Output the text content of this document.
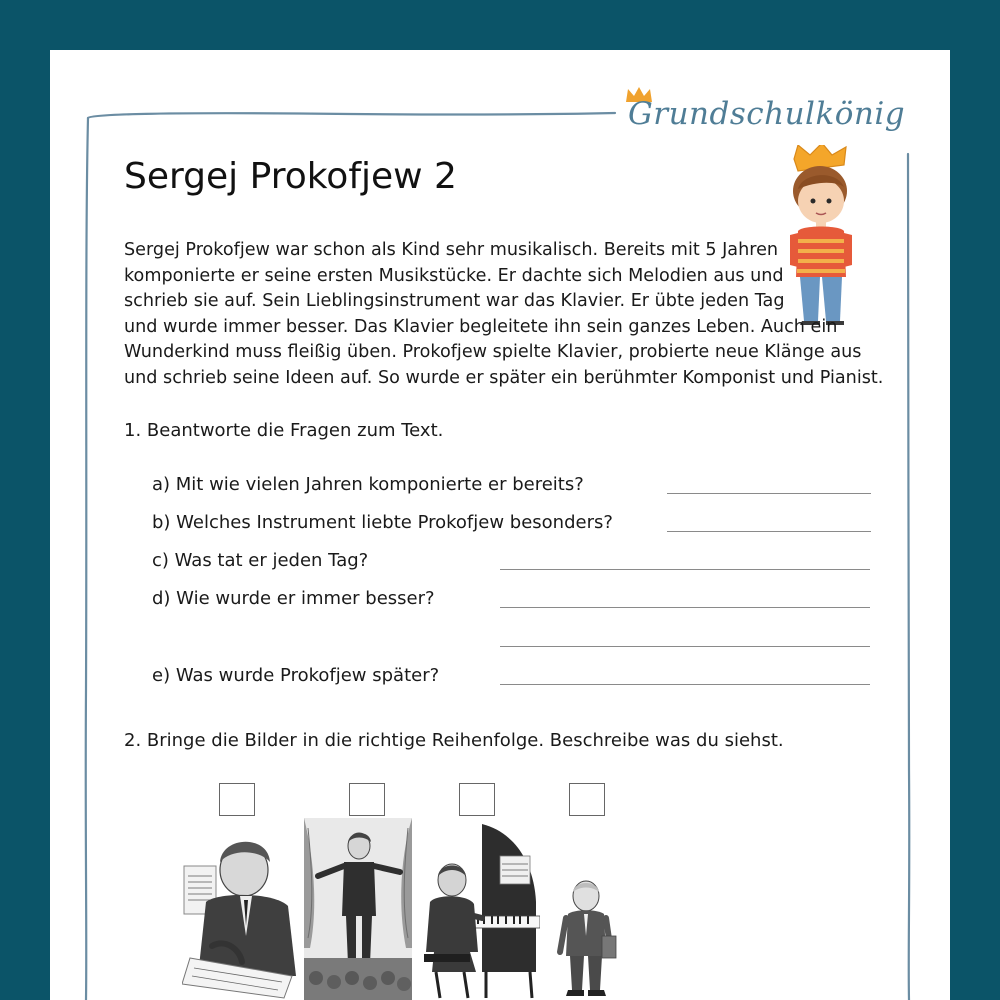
Grundschulkönig
Sergej Prokofjew 2
Sergej Prokofjew war schon als Kind sehr musikalisch. Bereits mit 5 Jahren
komponierte er seine ersten Musikstücke. Er dachte sich Melodien aus und
schrieb sie auf. Sein Lieblingsinstrument war das Klavier. Er übte jeden Tag
und wurde immer besser. Das Klavier begleitete ihn sein ganzes Leben. Auch ein
Wunderkind muss fleißig üben. Prokofjew spielte Klavier, probierte neue Klänge aus
und schrieb seine Ideen auf. So wurde er später ein berühmter Komponist und Pianist.
1. Beantworte die Fragen zum Text.
a) Mit wie vielen Jahren komponierte er bereits?
b) Welches Instrument liebte Prokofjew besonders?
c) Was tat er jeden Tag?
d) Wie wurde er immer besser?
e) Was wurde Prokofjew später?
2. Bringe die Bilder in die richtige Reihenfolge. Beschreibe was du siehst.
